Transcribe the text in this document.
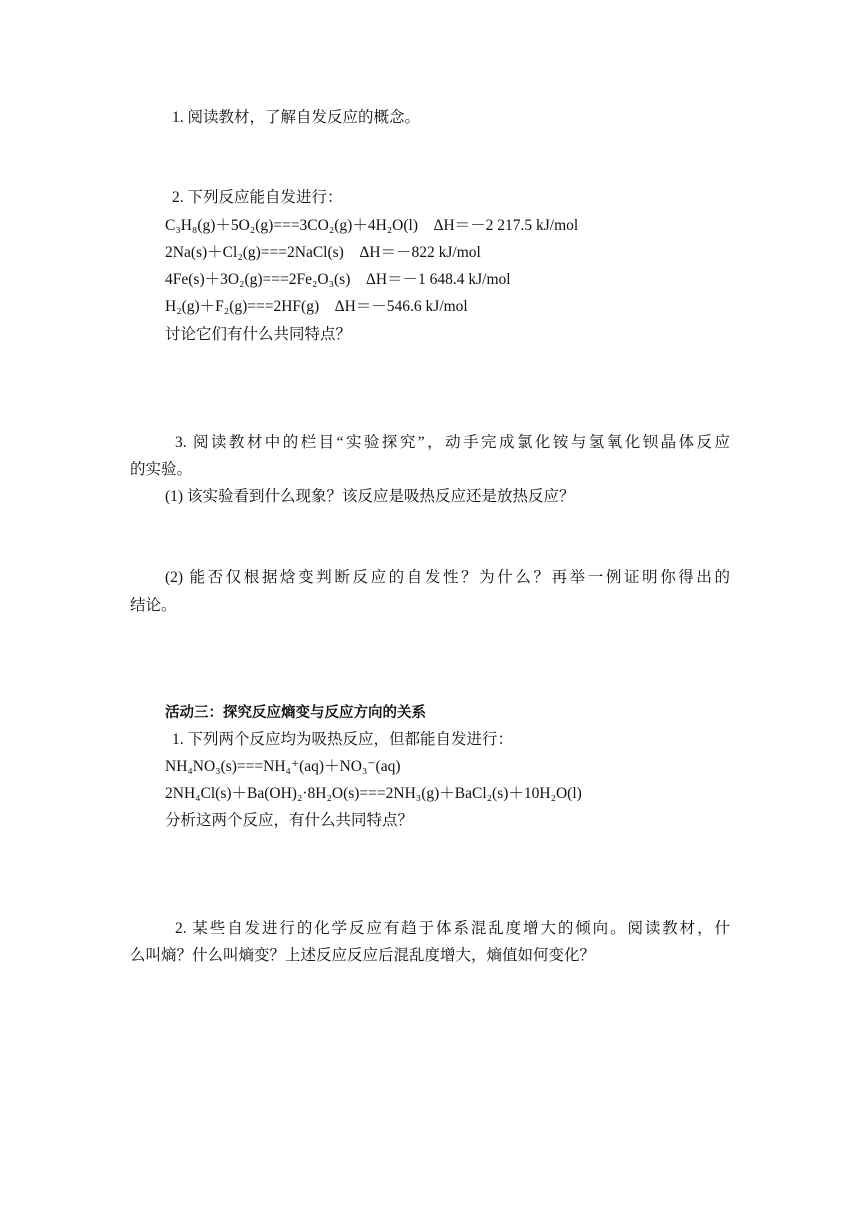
1. 阅读教材，了解自发反应的概念。
2. 下列反应能自发进行：
C₃H₈(g)＋5O₂(g)===3CO₂(g)＋4H₂O(l)　ΔH＝－2 217.5 kJ/mol
2Na(s)＋Cl₂(g)===2NaCl(s)　ΔH＝－822 kJ/mol
4Fe(s)＋3O₂(g)===2Fe₂O₃(s)　ΔH＝－1 648.4 kJ/mol
H₂(g)＋F₂(g)===2HF(g)　ΔH＝－546.6 kJ/mol
讨论它们有什么共同特点？
3. 阅读教材中的栏目“实验探究”，动手完成氯化铵与氢氧化钡晶体反应
的实验。
(1) 该实验看到什么现象？该反应是吸热反应还是放热反应？
(2) 能否仅根据焓变判断反应的自发性？为什么？再举一例证明你得出的
结论。
活动三：探究反应熵变与反应方向的关系
1. 下列两个反应均为吸热反应，但都能自发进行：
NH₄NO₃(s)===NH₄⁺(aq)＋NO₃⁻(aq)
2NH₄Cl(s)＋Ba(OH)₂·8H₂O(s)===2NH₃(g)＋BaCl₂(s)＋10H₂O(l)
分析这两个反应，有什么共同特点？
2. 某些自发进行的化学反应有趋于体系混乱度增大的倾向。阅读教材，什
么叫熵？什么叫熵变？上述反应反应后混乱度增大，熵值如何变化？
